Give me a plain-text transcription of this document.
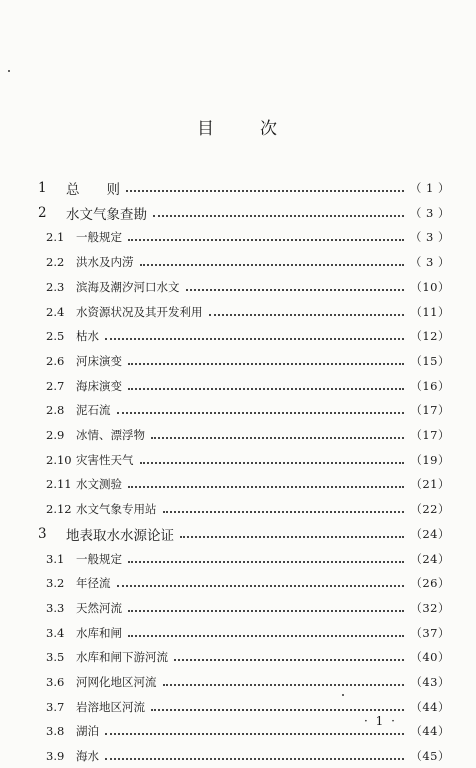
目	次
1	总　　则	（ 1 ）
2	水文气象查勘	（ 3 ）
2.1	一般规定	（ 3 ）
2.2	洪水及内涝	（ 3 ）
2.3	滨海及潮汐河口水文	（10）
2.4	水资源状况及其开发利用	（11）
2.5	枯水	（12）
2.6	河床演变	（15）
2.7	海床演变	（16）
2.8	泥石流	（17）
2.9	冰情、漂浮物	（17）
2.10 灾害性天气	（19）
2.11 水文测验	（21）
2.12 水文气象专用站	（22）
3	地表取水水源论证	（24）
3.1	一般规定	（24）
3.2	年径流	（26）
3.3	天然河流	（32）
3.4	水库和闸	（37）
3.5	水库和闸下游河流	（40）
3.6	河网化地区河流	（43）
3.7	岩溶地区河流	（44）
3.8	湖泊	（44）
3.9	海水	（45）
· 1 ·
